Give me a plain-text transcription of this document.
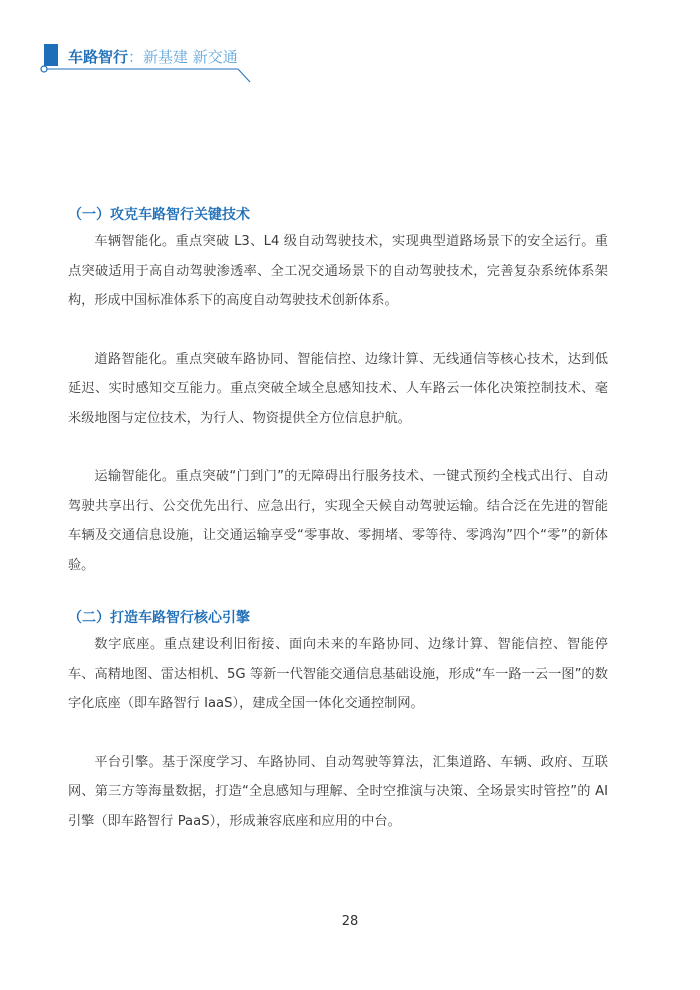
车路智行：新基建 新交通
（一）攻克车路智行关键技术

车辆智能化。重点突破 L3、L4 级自动驾驶技术，实现典型道路场景下的安全运行。重点突破适用于高自动驾驶渗透率、全工况交通场景下的自动驾驶技术，完善复杂系统体系架构，形成中国标准体系下的高度自动驾驶技术创新体系。

道路智能化。重点突破车路协同、智能信控、边缘计算、无线通信等核心技术，达到低延迟、实时感知交互能力。重点突破全域全息感知技术、人车路云一体化决策控制技术、毫米级地图与定位技术，为行人、物资提供全方位信息护航。

运输智能化。重点突破“门到门”的无障碍出行服务技术、一键式预约全栈式出行、自动驾驶共享出行、公交优先出行、应急出行，实现全天候自动驾驶运输。结合泛在先进的智能车辆及交通信息设施，让交通运输享受“零事故、零拥堵、零等待、零鸿沟”四个“零”的新体验。

（二）打造车路智行核心引擎

数字底座。重点建设利旧衔接、面向未来的车路协同、边缘计算、智能信控、智能停车、高精地图、雷达相机、5G 等新一代智能交通信息基础设施，形成“车一路一云一图”的数字化底座（即车路智行 IaaS），建成全国一体化交通控制网。

平台引擎。基于深度学习、车路协同、自动驾驶等算法，汇集道路、车辆、政府、互联网、第三方等海量数据，打造“全息感知与理解、全时空推演与决策、全场景实时管控”的 AI 引擎（即车路智行 PaaS），形成兼容底座和应用的中台。

28
